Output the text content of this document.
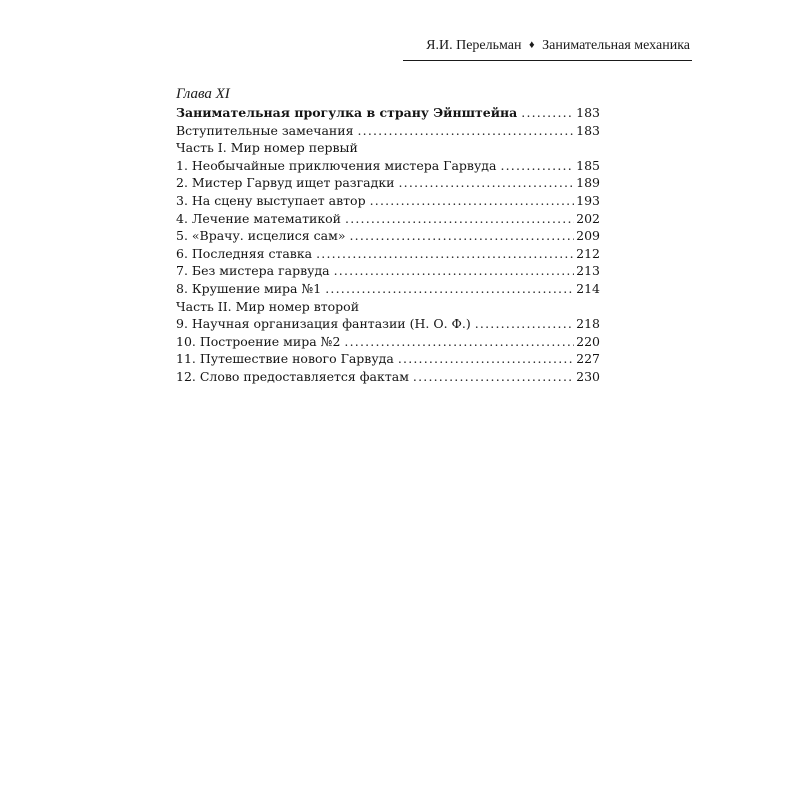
Я.И. Перельман ♦ Занимательная механика
Глава XI
Занимательная прогулка в страну Эйнштейна .....	183
Вступительные замечания .....	183
Часть I. Мир номер первый
1. Необычайные приключения мистера Гарвуда .....	185
2. Мистер Гарвуд ищет разгадки .....	189
3. На сцену выступает автор .....	193
4. Лечение математикой .....	202
5. «Врачу. исцелися сам» .....	209
6. Последняя ставка .....	212
7. Без мистера гарвуда .....	213
8. Крушение мира №1 .....	214
Часть II. Мир номер второй
9. Научная организация фантазии (Н. О. Ф.) .....	218
10. Построение мира №2 .....	220
11. Путешествие нового Гарвуда .....	227
12. Слово предоставляется фактам .....	230
